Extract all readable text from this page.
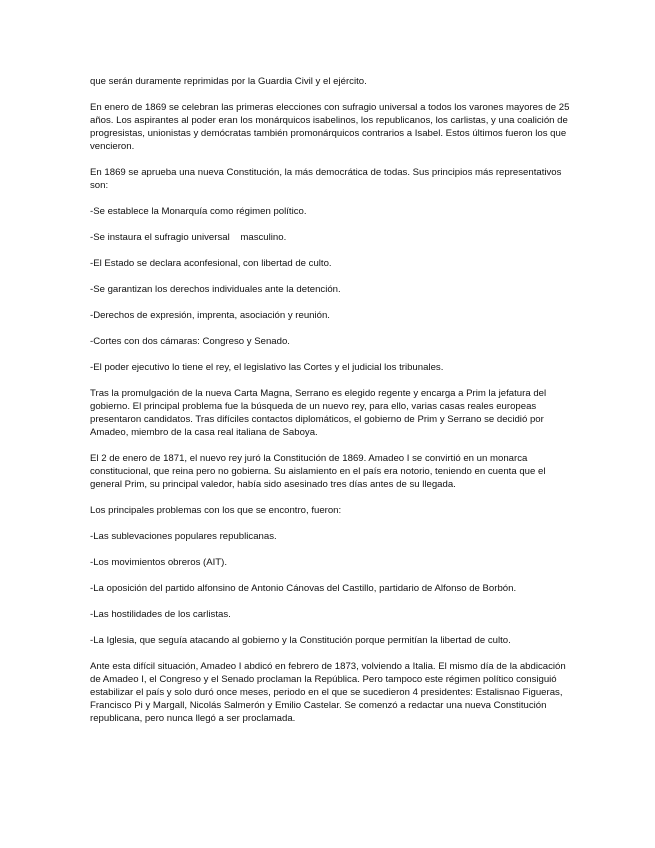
que serán duramente reprimidas por la Guardia Civil y el ejército.

En enero de 1869 se celebran las primeras elecciones con sufragio universal a todos los varones mayores de 25 años. Los aspirantes al poder eran los monárquicos isabelinos, los republicanos, los carlistas, y una coalición de progresistas, unionistas y demócratas también promonárquicos contrarios a Isabel. Estos últimos fueron los que vencieron.

En 1869 se aprueba una nueva Constitución, la más democrática de todas. Sus principios más representativos son:

-Se establece la Monarquía como régimen político.

-Se instaura el sufragio universal    masculino.

-El Estado se declara aconfesional, con libertad de culto.

-Se garantizan los derechos individuales ante la detención.

-Derechos de expresión, imprenta, asociación y reunión.

-Cortes con dos cámaras: Congreso y Senado.

-El poder ejecutivo lo tiene el rey, el legislativo las Cortes y el judicial los tribunales.

Tras la promulgación de la nueva Carta Magna, Serrano es elegido regente y encarga a Prim la jefatura del gobierno. El principal problema fue la búsqueda de un nuevo rey, para ello, varias casas reales europeas presentaron candidatos. Tras difíciles contactos diplomáticos, el gobierno de Prim y Serrano se decidió por Amadeo, miembro de la casa real italiana de Saboya.

El 2 de enero de 1871, el nuevo rey juró la Constitución de 1869. Amadeo I se convirtió en un monarca constitucional, que reina pero no gobierna. Su aislamiento en el país era notorio, teniendo en cuenta que el general Prim, su principal valedor, había sido asesinado tres días antes de su llegada.

Los principales problemas con los que se encontro, fueron:

-Las sublevaciones populares republicanas.

-Los movimientos obreros (AIT).

-La oposición del partido alfonsino de Antonio Cánovas del Castillo, partidario de Alfonso de Borbón.

-Las hostilidades de los carlistas.

-La Iglesia, que seguía atacando al gobierno y la Constitución porque permitían la libertad de culto.

Ante esta difícil situación, Amadeo I abdicó en febrero de 1873, volviendo a Italia. El mismo día de la abdicación de Amadeo I, el Congreso y el Senado proclaman la República. Pero tampoco este régimen político consiguió estabilizar el país y solo duró once meses, periodo en el que se sucedieron 4 presidentes: Estalisnao Figueras, Francisco Pi y Margall, Nicolás Salmerón y Emilio Castelar. Se comenzó a redactar una nueva Constitución republicana, pero nunca llegó a ser proclamada.
